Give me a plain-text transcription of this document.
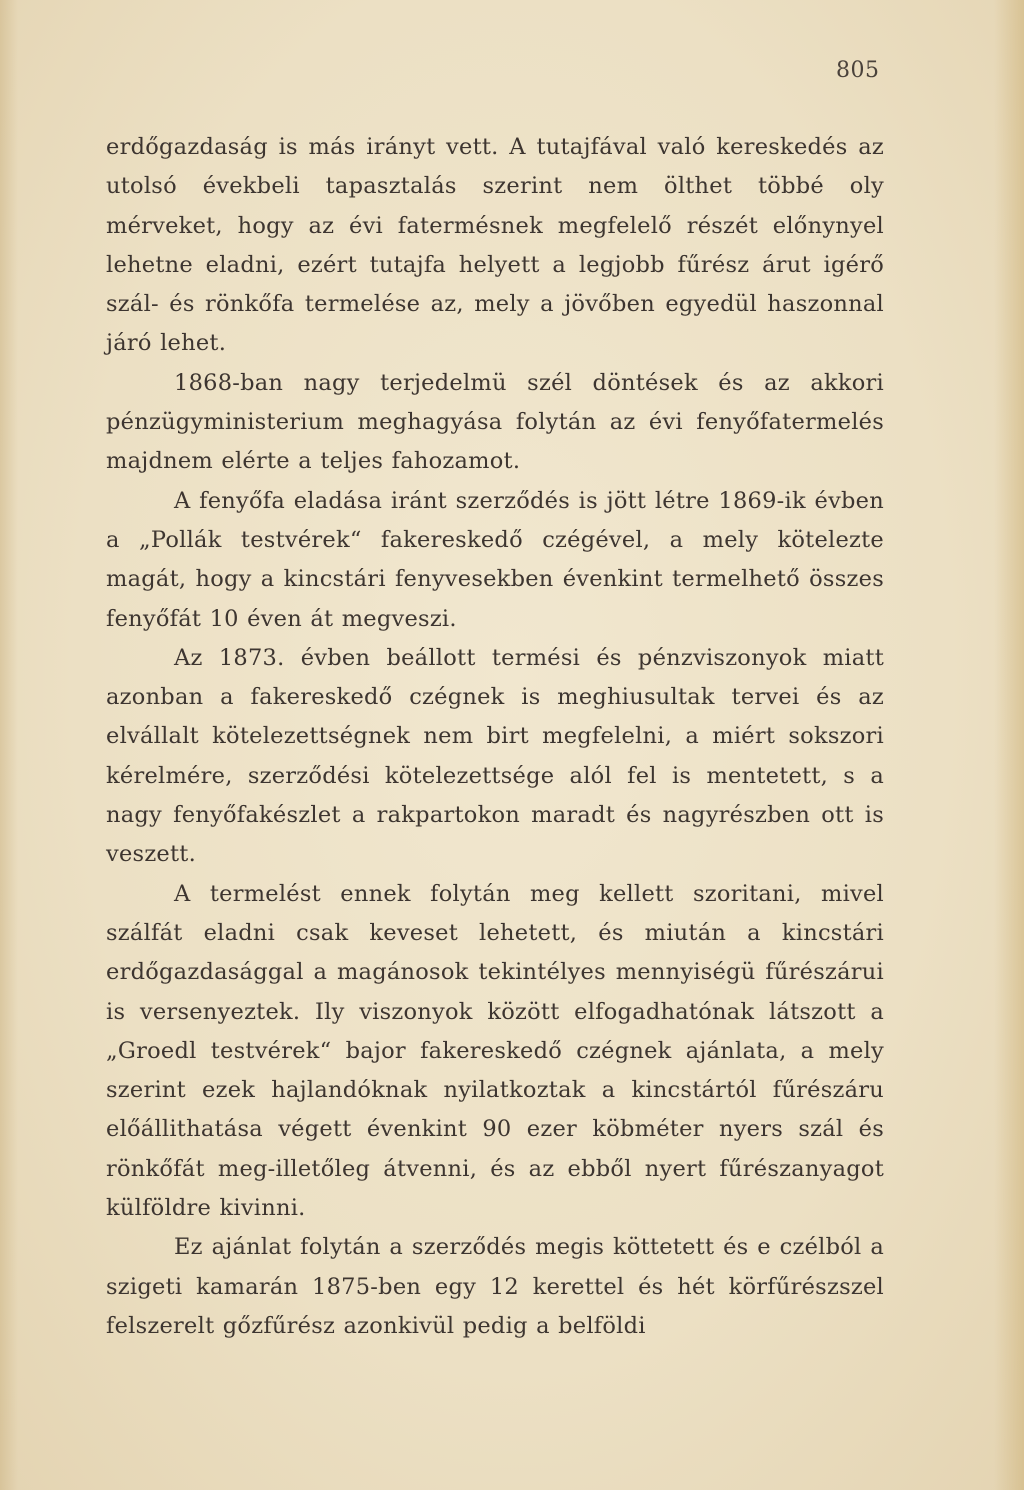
805

erdőgazdaság is más irányt vett. A tutajfával való kereskedés az utolsó évekbeli tapasztalás szerint nem ölthet többé oly mérveket, hogy az évi fatermésnek megfelelő részét előnynyel lehetne eladni, ezért tutajfa helyett a legjobb fűrész árut igérő szál- és rönkőfa termelése az, mely a jövőben egyedül haszonnal járó lehet.

1868-ban nagy terjedelmü szél döntések és az akkori pénzügyministerium meghagyása folytán az évi fenyőfatermelés majdnem elérte a teljes fahozamot.

A fenyőfa eladása iránt szerződés is jött létre 1869-ik évben a „Pollák testvérek“ fakereskedő czégével, a mely kötelezte magát, hogy a kincstári fenyvesekben évenkint termelhető összes fenyőfát 10 éven át megveszi.

Az 1873. évben beállott termési és pénzviszonyok miatt azonban a fakereskedő czégnek is meghiusultak tervei és az elvállalt kötelezettségnek nem birt megfelelni, a miért sokszori kérelmére, szerződési kötelezettsége alól fel is mentetett, s a nagy fenyőfakészlet a rakpartokon maradt és nagyrészben ott is veszett.

A termelést ennek folytán meg kellett szoritani, mivel szálfát eladni csak keveset lehetett, és miután a kincstári erdőgazdasággal a magánosok tekintélyes mennyiségü fűrészárui is versenyeztek. Ily viszonyok között elfogadhatónak látszott a „Groedl testvérek“ bajor fakereskedő czégnek ajánlata, a mely szerint ezek hajlandóknak nyilatkoztak a kincstártól fűrészáru előállithatása végett évenkint 90 ezer köbméter nyers szál és rönkőfát meg-illetőleg átvenni, és az ebből nyert fűrészanyagot külföldre kivinni.

Ez ajánlat folytán a szerződés megis köttetett és e czélból a szigeti kamarán 1875-ben egy 12 kerettel és hét körfűrészszel felszerelt gőzfűrész azonkivül pedig a belföldi
